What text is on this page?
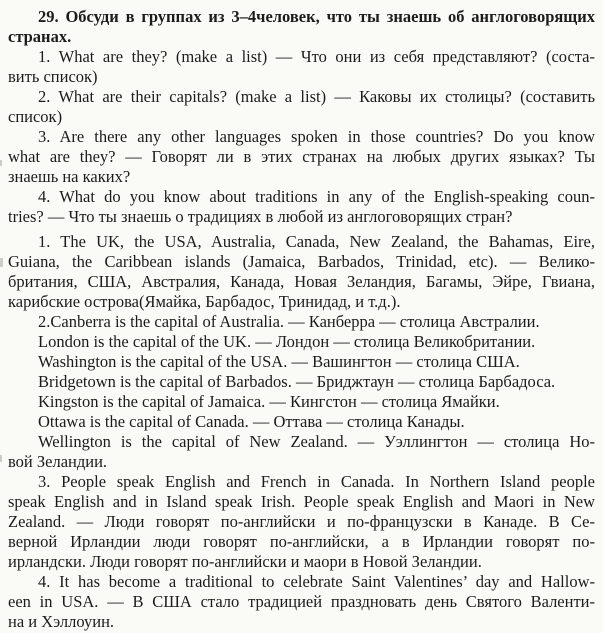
29. Обсуди в группах из 3–4человек, что ты знаешь об англоговорящих
странах.
1. What are they? (make a list) — Что они из себя представляют? (соста-
вить список)
2. What are their capitals? (make a list) — Каковы их столицы? (составить
список)
3. Are there any other languages spoken in those countries? Do you know
what are they? — Говорят ли в этих странах на любых других языках? Ты
знаешь на каких?
4. What do you know about traditions in any of the English-speaking coun-
tries? — Что ты знаешь о традициях в любой из англоговорящих стран?
1. The UK, the USA, Australia, Canada, New Zealand, the Bahamas, Eire,
Guiana, the Caribbean islands (Jamaica, Barbados, Trinidad, etc). — Велико-
британия, США, Австралия, Канада, Новая Зеландия, Багамы, Эйре, Гвиана,
карибские острова(Ямайка, Барбадос, Тринидад, и т.д.).
2.Canberra is the capital of Australia. — Канберра — столица Австралии.
London is the capital of the UK. — Лондон — столица Великобритании.
Washington is the capital of the USA. — Вашингтон — столица США.
Bridgetown is the capital of Barbados. — Бриджтаун — столица Барбадоса.
Kingston is the capital of Jamaica. — Кингстон — столица Ямайки.
Ottawa is the capital of Canada. — Оттава — столица Канады.
Wellington is the capital of New Zealand. — Уэллингтон — столица Но-
вой Зеландии.
3. People speak English and French in Canada. In Northern Island people
speak English and in Island speak Irish. People speak English and Maori in New
Zealand. — Люди говорят по-английски и по-французски в Канаде. В Се-
верной Ирландии люди говорят по-английски, а в Ирландии говорят по-
ирландски. Люди говорят по-английски и маори в Новой Зеландии.
4. It has become a traditional to celebrate Saint Valentines’ day and Hallow-
een in USA. — В США стало традицией праздновать день Святого Валенти-
на и Хэллоуин.
